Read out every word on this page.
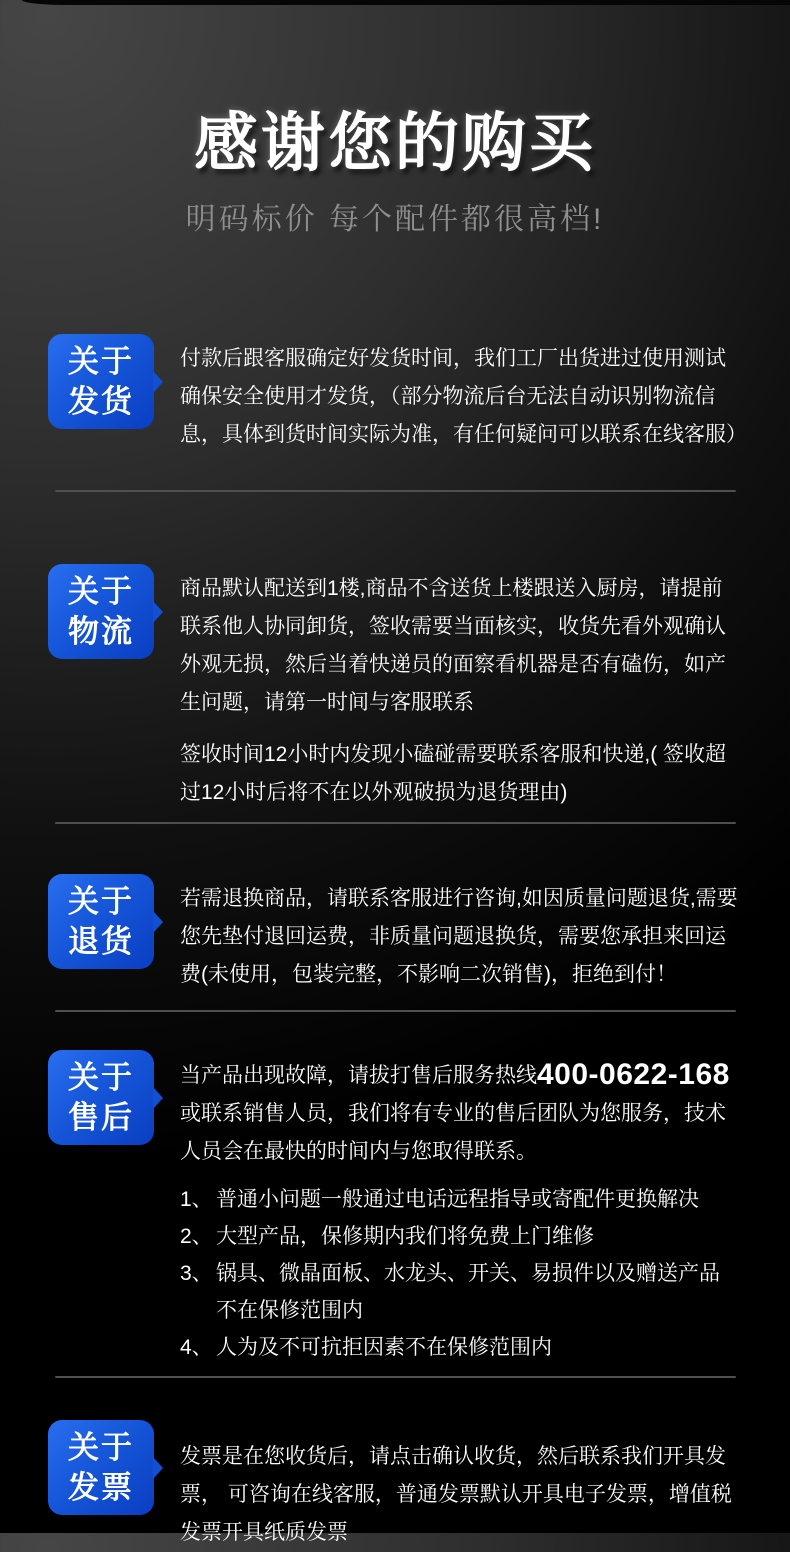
感谢您的购买
明码标价 每个配件都很高档!
关于
发货

付款后跟客服确定好发货时间，我们工厂出货进过使用测试确保安全使用才发货，（部分物流后台无法自动识别物流信息，具体到货时间实际为准，有任何疑问可以联系在线客服）

关于
物流

商品默认配送到1楼,商品不含送货上楼跟送入厨房，请提前联系他人协同卸货，签收需要当面核实，收货先看外观确认外观无损，然后当着快递员的面察看机器是否有磕伤，如产生问题，请第一时间与客服联系

签收时间12小时内发现小磕碰需要联系客服和快递,( 签收超过12小时后将不在以外观破损为退货理由)

关于
退货

若需退换商品，请联系客服进行咨询,如因质量问题退货,需要您先垫付退回运费，非质量问题退换货，需要您承担来回运费(未使用，包装完整，不影响二次销售)，拒绝到付！

关于
售后

当产品出现故障，请拔打售后服务热线400-0622-168或联系销售人员，我们将有专业的售后团队为您服务，技术人员会在最快的时间内与您取得联系。

1、 普通小问题一般通过电话远程指导或寄配件更换解决
2、 大型产品，保修期内我们将免费上门维修
3、 锅具、微晶面板、水龙头、开关、易损件以及赠送产品不在保修范围内
4、 人为及不可抗拒因素不在保修范围内
关于
发票

发票是在您收货后，请点击确认收货，然后联系我们开具发票， 可咨询在线客服，普通发票默认开具电子发票，增值税发票开具纸质发票
